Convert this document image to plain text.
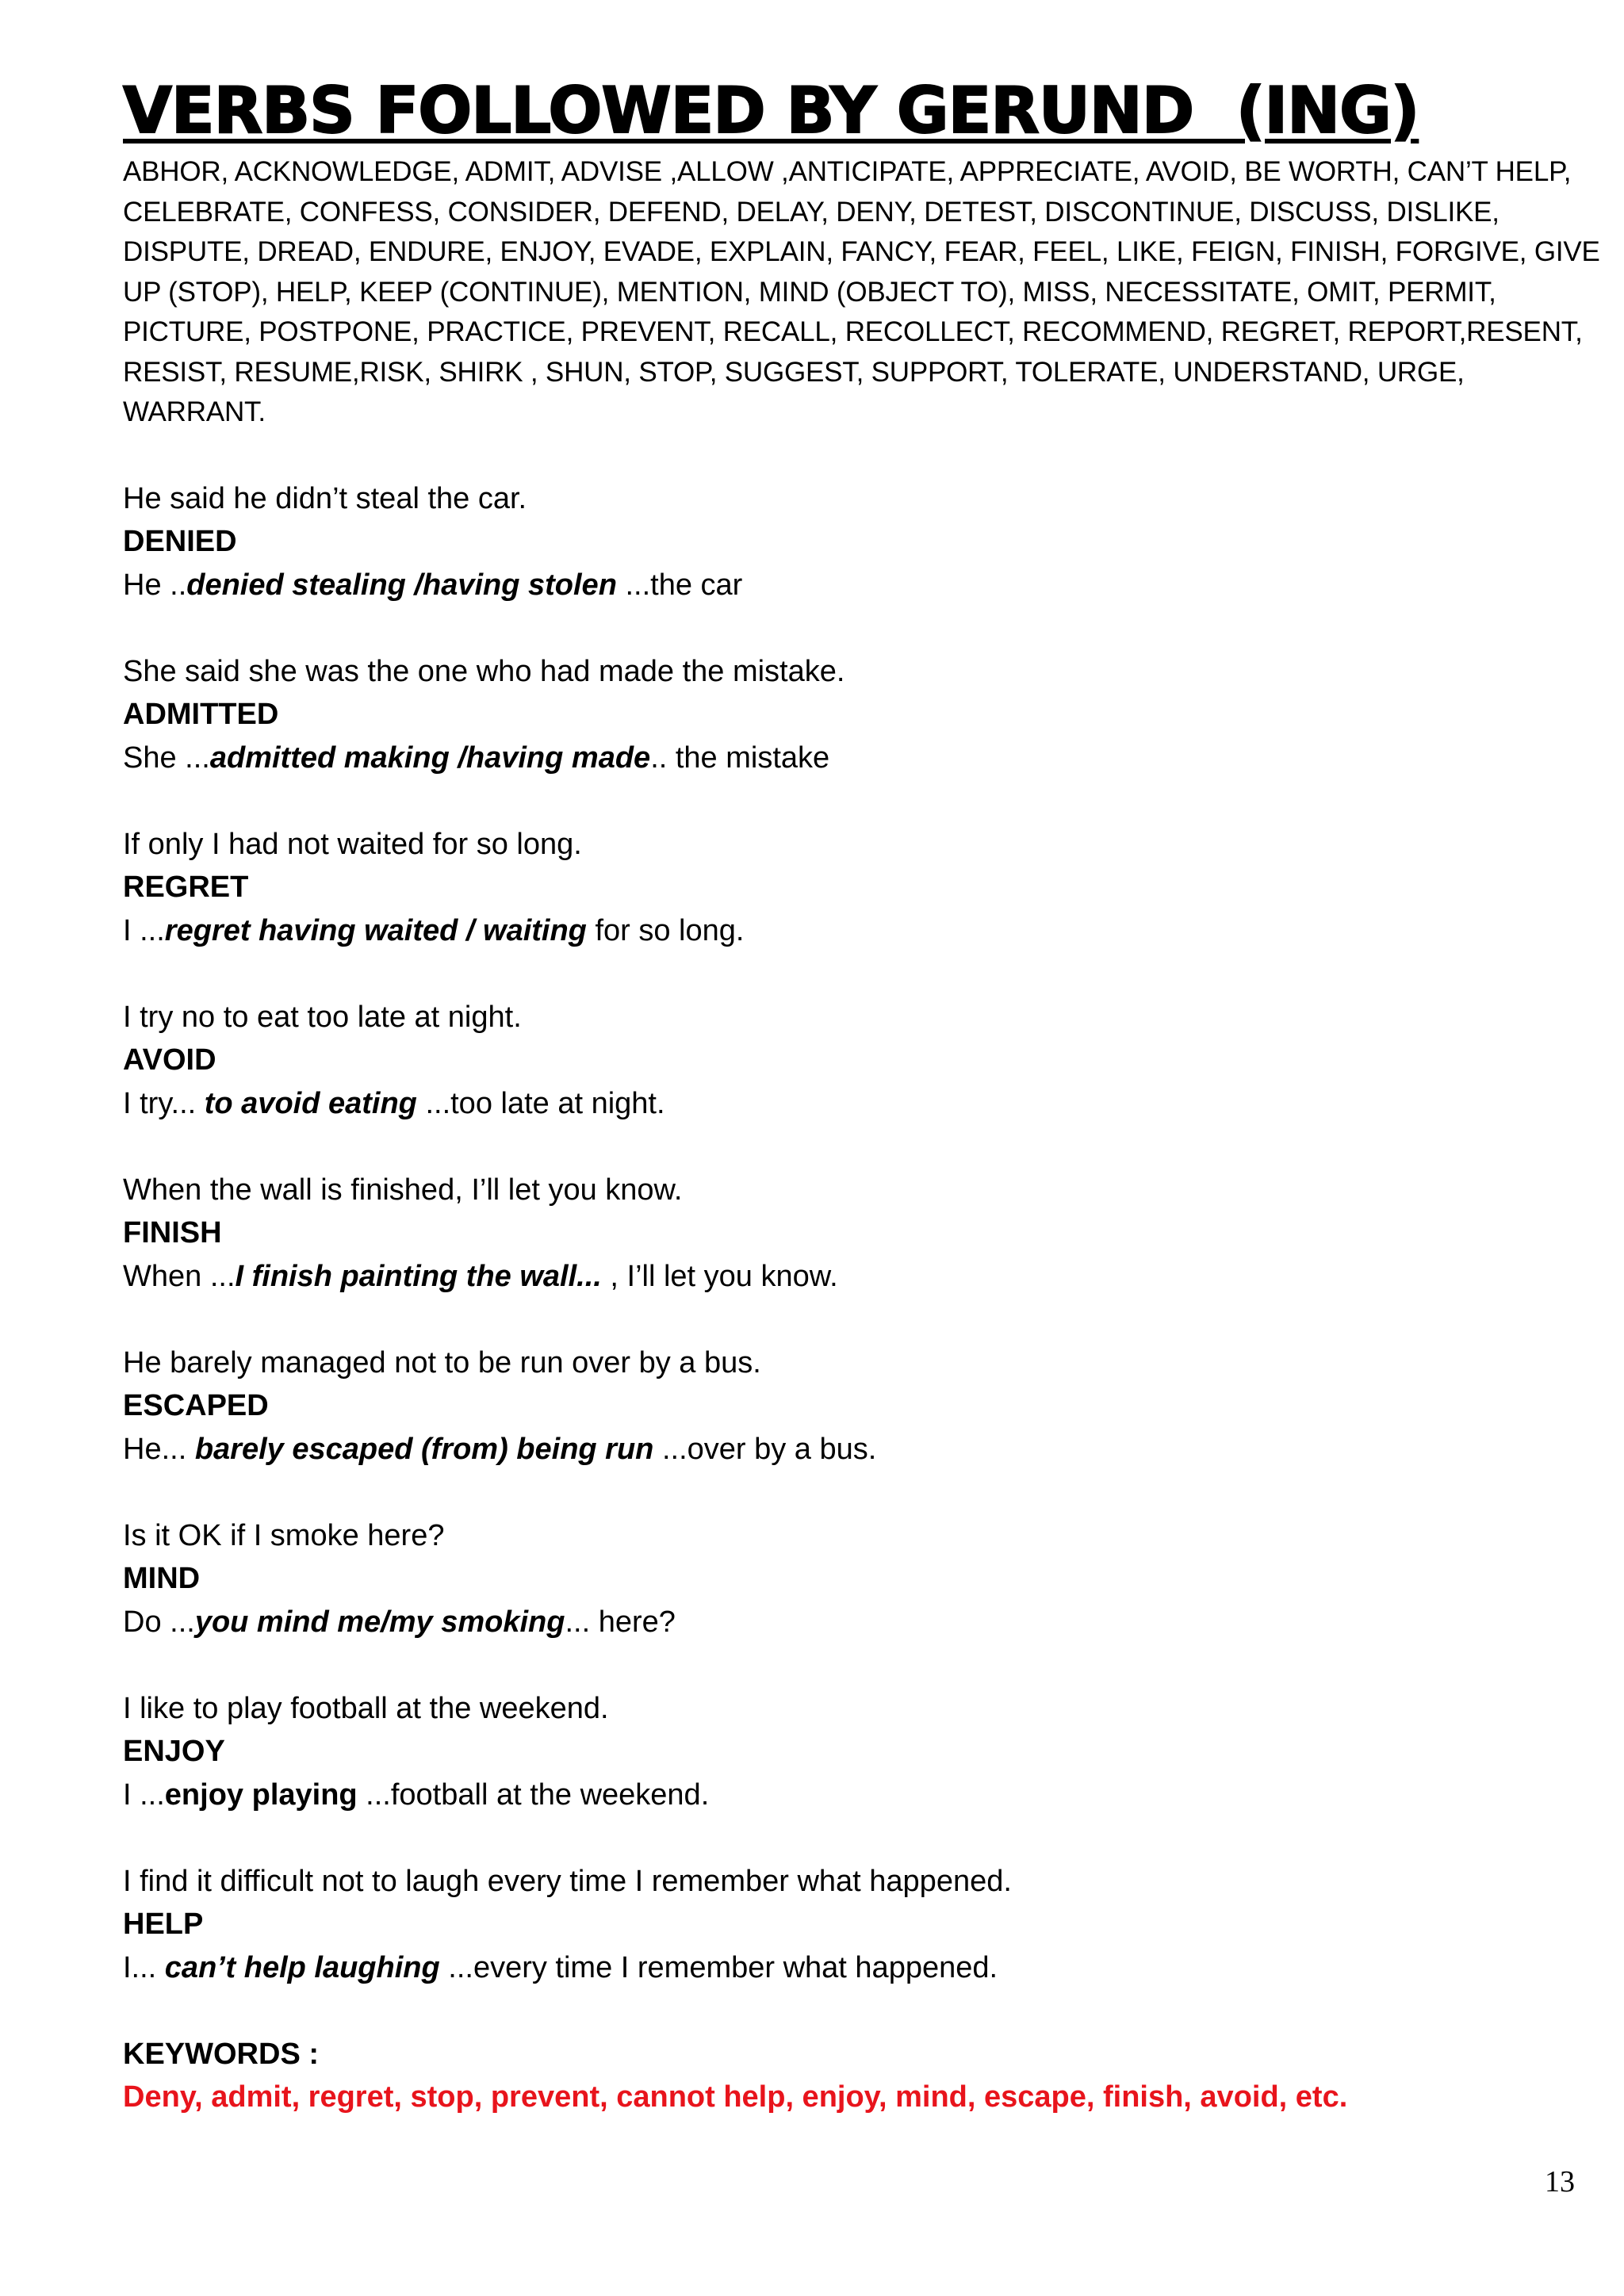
VERBS FOLLOWED BY GERUND  (ING)

ABHOR, ACKNOWLEDGE, ADMIT, ADVISE ,ALLOW ,ANTICIPATE, APPRECIATE, AVOID, BE WORTH, CAN’T HELP, CELEBRATE, CONFESS, CONSIDER, DEFEND, DELAY, DENY, DETEST, DISCONTINUE, DISCUSS, DISLIKE, DISPUTE, DREAD, ENDURE, ENJOY, EVADE, EXPLAIN, FANCY, FEAR, FEEL, LIKE, FEIGN, FINISH, FORGIVE, GIVE UP (STOP), HELP, KEEP (CONTINUE), MENTION, MIND (OBJECT TO), MISS, NECESSITATE, OMIT, PERMIT, PICTURE, POSTPONE, PRACTICE, PREVENT, RECALL, RECOLLECT, RECOMMEND, REGRET, REPORT,RESENT, RESIST, RESUME,RISK, SHIRK , SHUN, STOP, SUGGEST, SUPPORT, TOLERATE, UNDERSTAND, URGE, WARRANT.

He said he didn’t steal the car.

DENIED

He ..denied stealing /having stolen ...the car

She said she was the one who had made the mistake.

ADMITTED

She ...admitted making /having made.. the mistake

If only I had not waited for so long.

REGRET

I ...regret having waited / waiting for so long.

I try no to eat too late at night.

AVOID

I try... to avoid eating ...too late at night.

When the wall is finished, I’ll let you know.

FINISH

When ...I finish painting the wall... , I’ll let you know.

He barely managed not to be run over by a bus.

ESCAPED

He... barely escaped (from) being run ...over by a bus.

Is it OK if I smoke here?

MIND

Do ...you mind me/my smoking... here?

I like to play football at the weekend.

ENJOY

I ...enjoy playing ...football at the weekend.

I find it difficult not to laugh every time I remember what happened.

HELP

I... can’t help laughing ...every time I remember what happened.

KEYWORDS :

Deny, admit, regret, stop, prevent, cannot help, enjoy, mind, escape, finish, avoid, etc.

13
